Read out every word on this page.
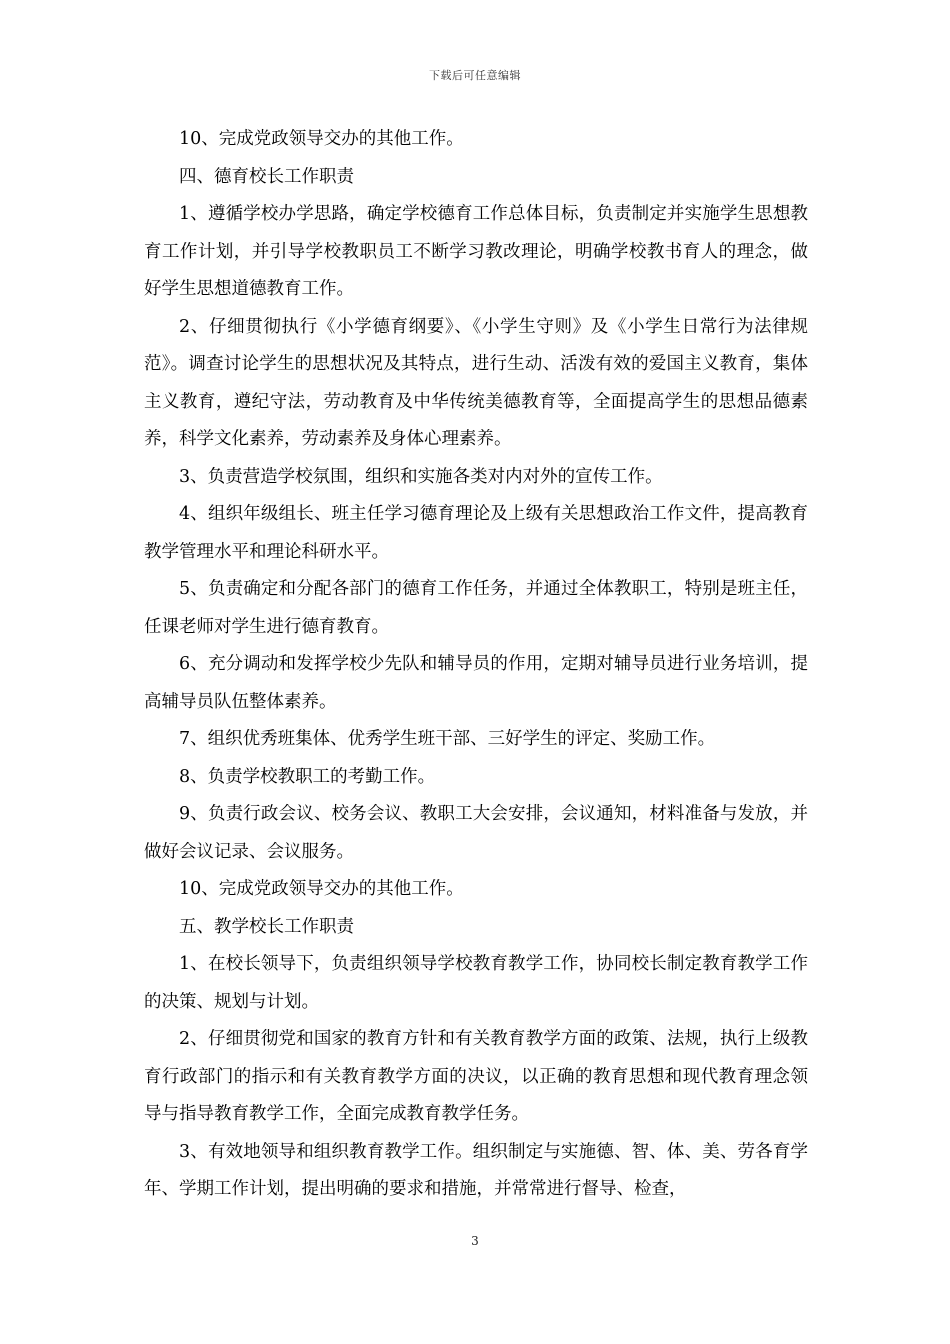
下载后可任意编辑

10、完成党政领导交办的其他工作。

四、德育校长工作职责

1、遵循学校办学思路，确定学校德育工作总体目标，负责制定并实施学生思想教育工作计划，并引导学校教职员工不断学习教改理论，明确学校教书育人的理念，做好学生思想道德教育工作。

2、仔细贯彻执行《小学德育纲要》、《小学生守则》及《小学生日常行为法律规范》。调查讨论学生的思想状况及其特点，进行生动、活泼有效的爱国主义教育，集体主义教育，遵纪守法，劳动教育及中华传统美德教育等，全面提高学生的思想品德素养，科学文化素养，劳动素养及身体心理素养。

3、负责营造学校氛围，组织和实施各类对内对外的宣传工作。

4、组织年级组长、班主任学习德育理论及上级有关思想政治工作文件，提高教育教学管理水平和理论科研水平。

5、负责确定和分配各部门的德育工作任务，并通过全体教职工，特别是班主任，任课老师对学生进行德育教育。

6、充分调动和发挥学校少先队和辅导员的作用，定期对辅导员进行业务培训，提高辅导员队伍整体素养。

7、组织优秀班集体、优秀学生班干部、三好学生的评定、奖励工作。

8、负责学校教职工的考勤工作。

9、负责行政会议、校务会议、教职工大会安排，会议通知，材料准备与发放，并做好会议记录、会议服务。

10、完成党政领导交办的其他工作。

五、教学校长工作职责

1、在校长领导下，负责组织领导学校教育教学工作，协同校长制定教育教学工作的决策、规划与计划。

2、仔细贯彻党和国家的教育方针和有关教育教学方面的政策、法规，执行上级教育行政部门的指示和有关教育教学方面的决议，以正确的教育思想和现代教育理念领导与指导教育教学工作，全面完成教育教学任务。

3、有效地领导和组织教育教学工作。组织制定与实施德、智、体、美、劳各育学年、学期工作计划，提出明确的要求和措施，并常常进行督导、检查，

3
